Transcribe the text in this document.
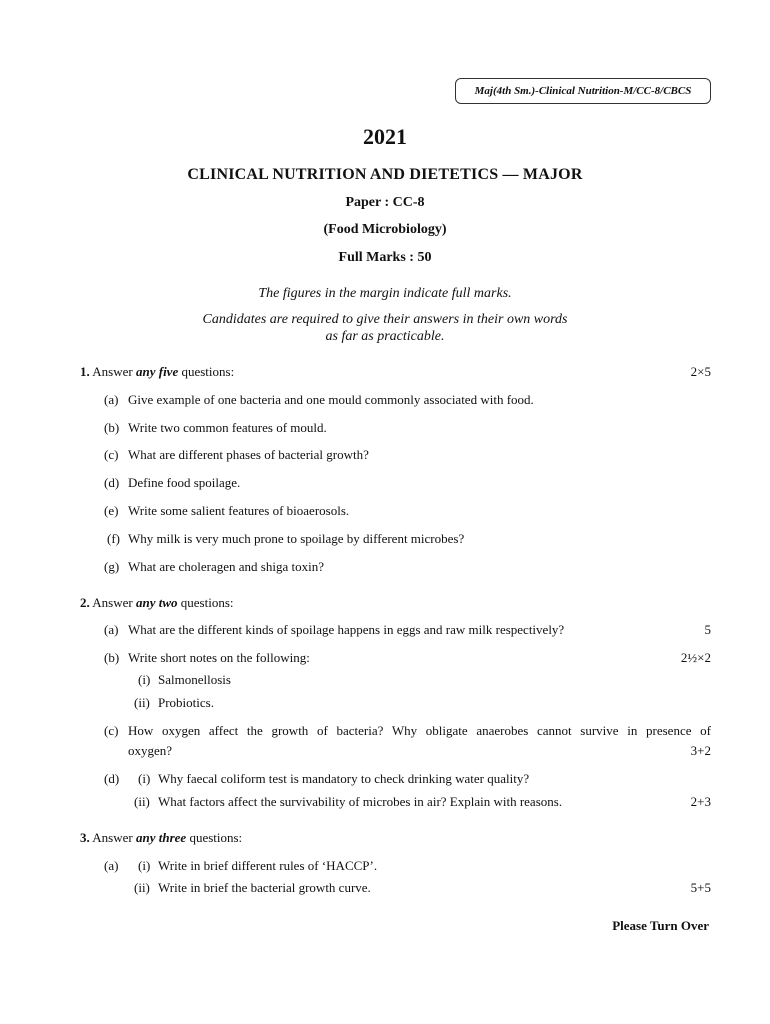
Maj(4th Sm.)-Clinical Nutrition-M/CC-8/CBCS
2021
CLINICAL NUTRITION AND DIETETICS — MAJOR
Paper : CC-8
(Food Microbiology)
Full Marks : 50
The figures in the margin indicate full marks.
Candidates are required to give their answers in their own words
as far as practicable.
1. Answer any five questions:	2×5
(a) Give example of one bacteria and one mould commonly associated with food.
(b) Write two common features of mould.
(c) What are different phases of bacterial growth?
(d) Define food spoilage.
(e) Write some salient features of bioaerosols.
(f) Why milk is very much prone to spoilage by different microbes?
(g) What are choleragen and shiga toxin?
2. Answer any two questions:
(a) What are the different kinds of spoilage happens in eggs and raw milk respectively?	5
(b) Write short notes on the following:	2½×2
(i) Salmonellosis
(ii) Probiotics.
(c) How oxygen affect the growth of bacteria? Why obligate anaerobes cannot survive in presence of
oxygen?	3+2
(d) (i) Why faecal coliform test is mandatory to check drinking water quality?
(ii) What factors affect the survivability of microbes in air? Explain with reasons.	2+3
3. Answer any three questions:
(a) (i) Write in brief different rules of ‘HACCP’.
(ii) Write in brief the bacterial growth curve.	5+5
Please Turn Over
